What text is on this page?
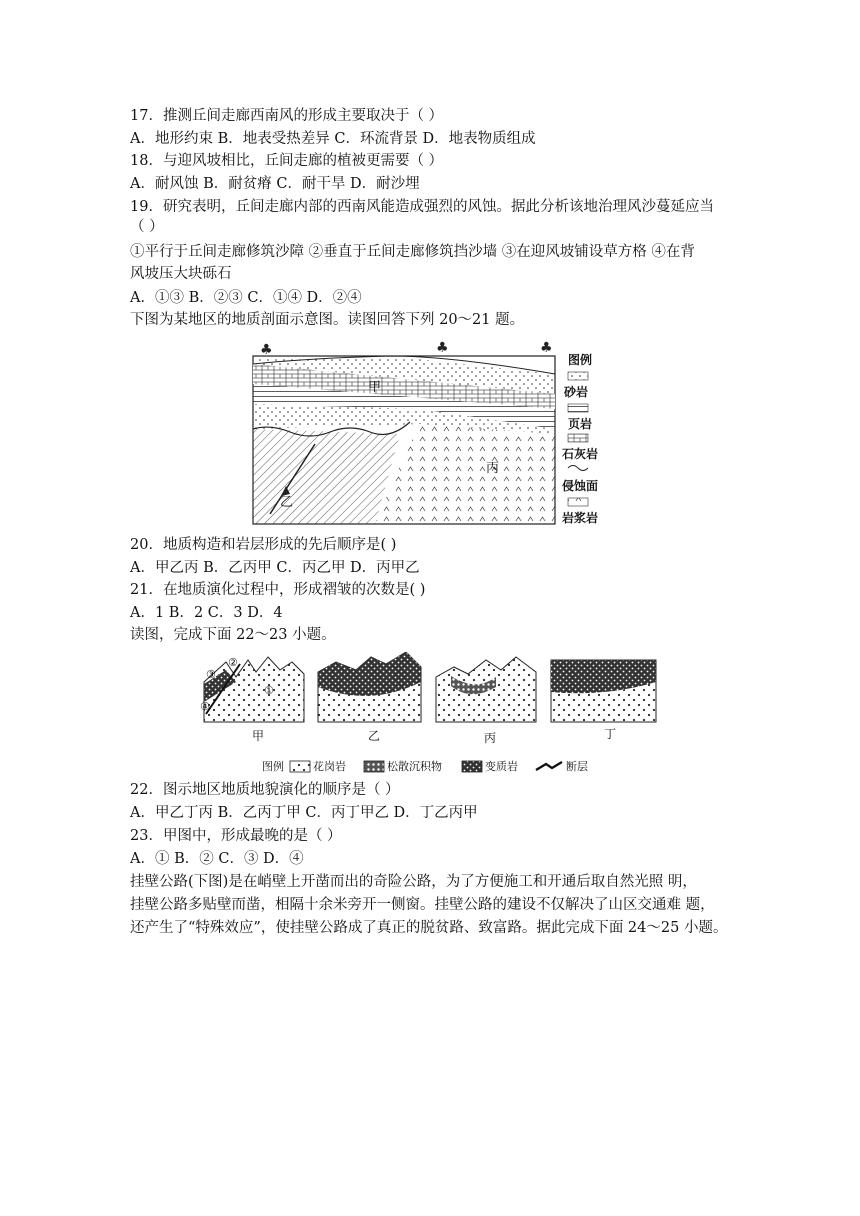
17．推测丘间走廊西南风的形成主要取决于（ ）
A．地形约束 B．地表受热差异 C．环流背景 D．地表物质组成
18．与迎风坡相比，丘间走廊的植被更需要（ ）
A．耐风蚀 B．耐贫瘠 C．耐干旱 D．耐沙埋
19．研究表明，丘间走廊内部的西南风能造成强烈的风蚀。据此分析该地治理风沙蔓延应当
（ ）
①平行于丘间走廊修筑沙障 ②垂直于丘间走廊修筑挡沙墙 ③在迎风坡铺设草方格 ④在背
风坡压大块砾石
A．①③ B．②③ C．①④ D．②④
下图为某地区的地质剖面示意图。读图回答下列 20～21 题。
♣	♣	♣
甲
乙
丙
图例
砂岩
页岩
石灰岩
侵蚀面
岩浆岩
20．地质构造和岩层形成的先后顺序是( )
A．甲乙丙 B．乙丙甲 C．丙乙甲 D．丙甲乙
21．在地质演化过程中，形成褶皱的次数是( )
A．1 B．2 C．3 D．4
读图，完成下面 22～23 小题。
③
②
①
④
甲	乙	丙	丁
图例	花岗岩	松散沉积物	变质岩	断层
22．图示地区地质地貌演化的顺序是（ ）
A．甲乙丁丙 B．乙丙丁甲 C．丙丁甲乙 D．丁乙丙甲
23．甲图中，形成最晚的是（ ）
A．① B．② C．③ D．④
挂壁公路(下图)是在峭壁上开凿而出的奇险公路，为了方便施工和开通后取自然光照 明，
挂壁公路多贴壁而凿，相隔十余米旁开一侧窗。挂壁公路的建设不仅解决了山区交通难 题，
还产生了“特殊效应”，使挂壁公路成了真正的脱贫路、致富路。据此完成下面 24～25 小题。
